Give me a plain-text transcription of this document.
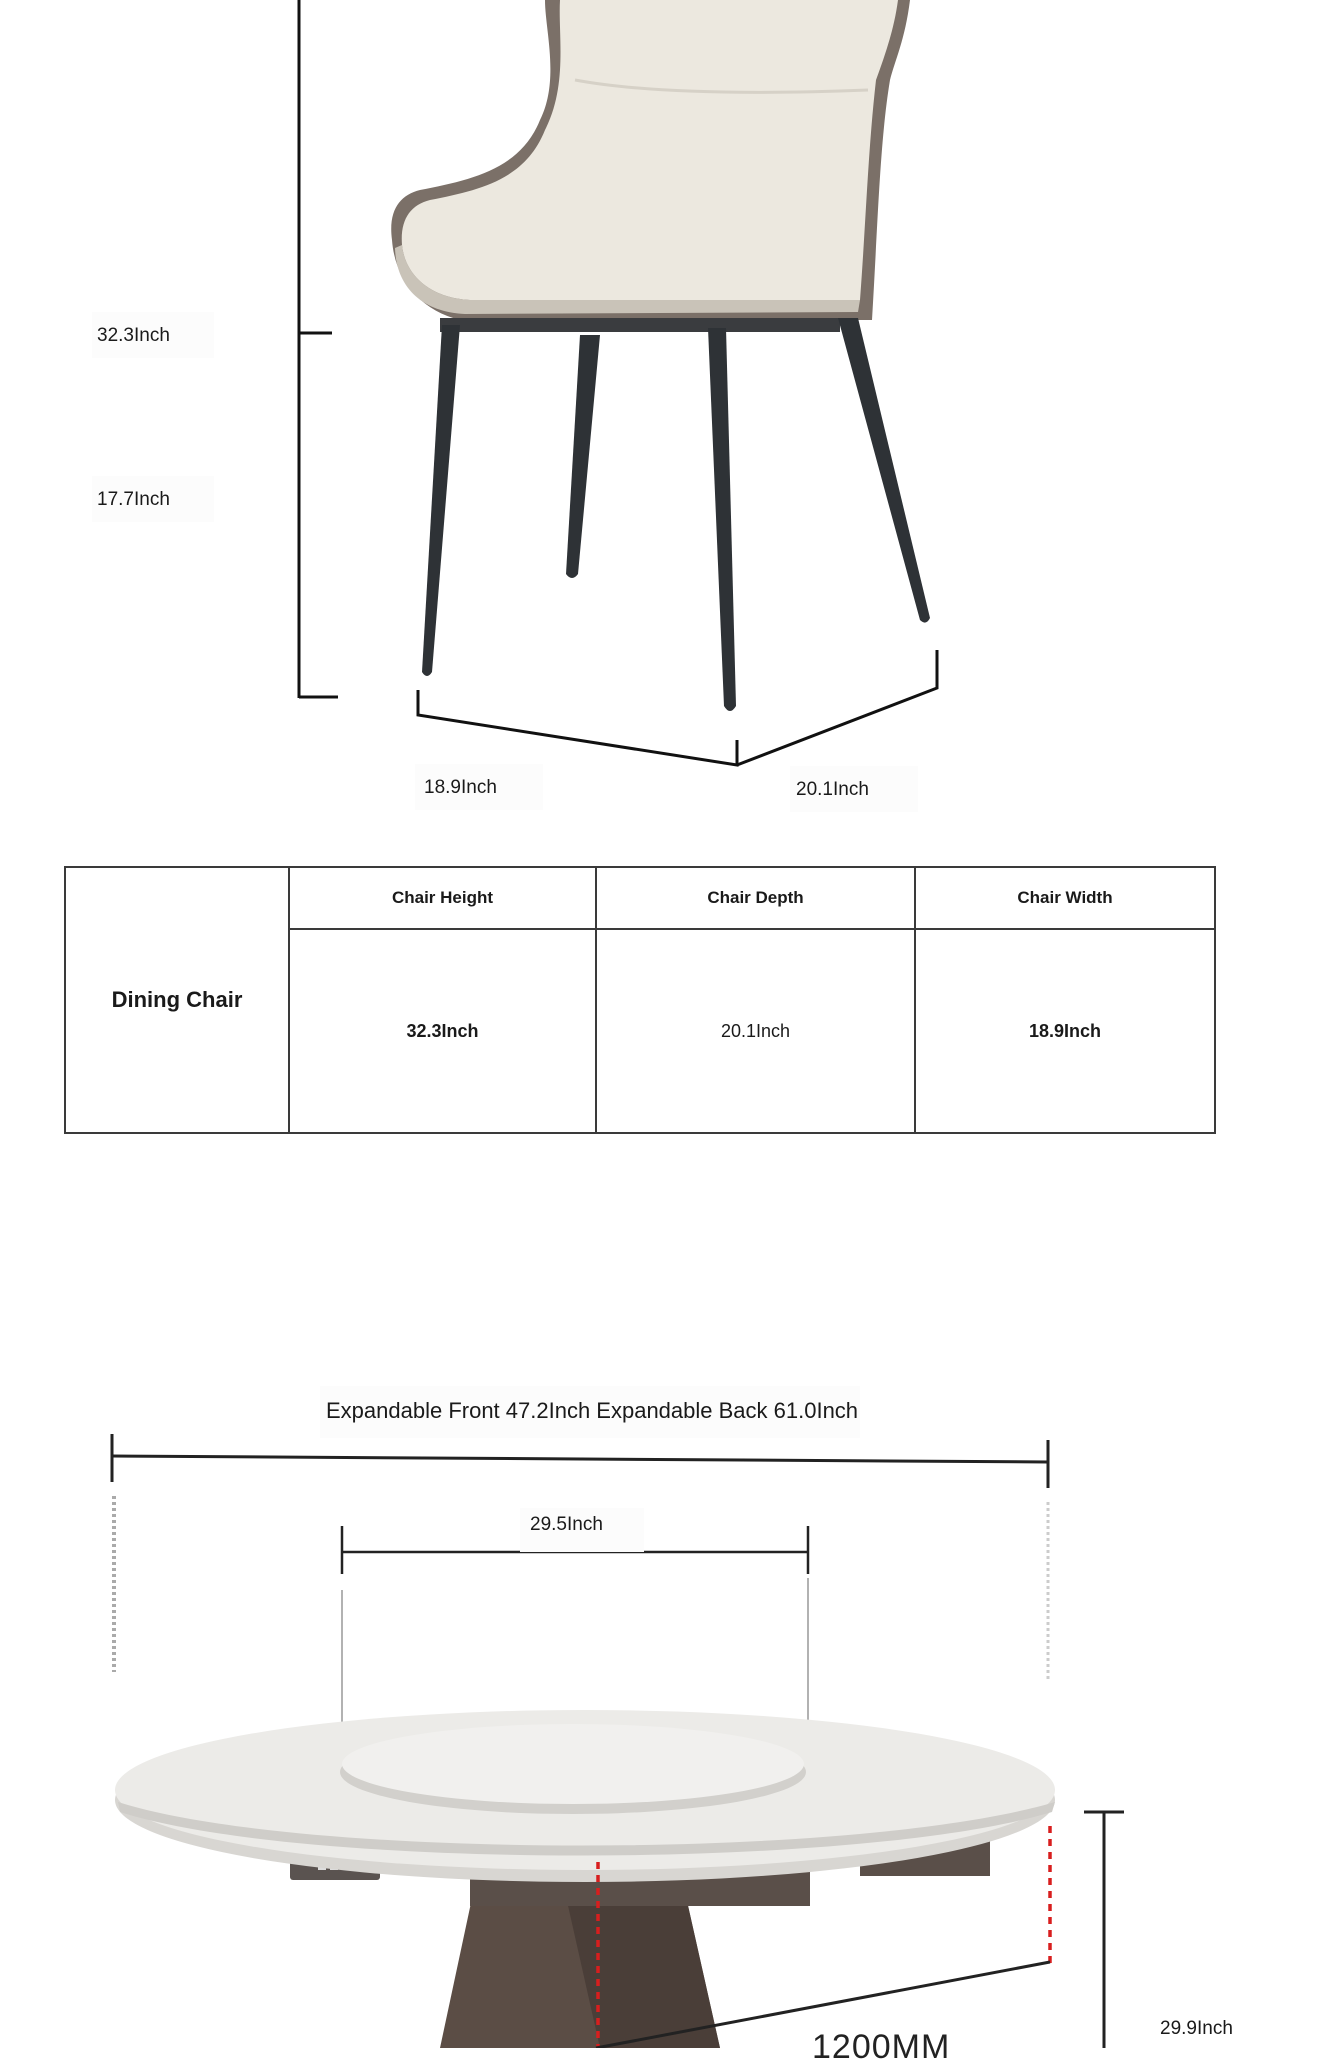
32.3Inch
17.7Inch
18.9Inch	20.1Inch
Dining Chair	Chair Height	Chair Depth	Chair Width
	32.3Inch	20.1Inch	18.9Inch
Expandable Front 47.2Inch Expandable Back 61.0Inch
29.5Inch
29.9Inch
1200MM
